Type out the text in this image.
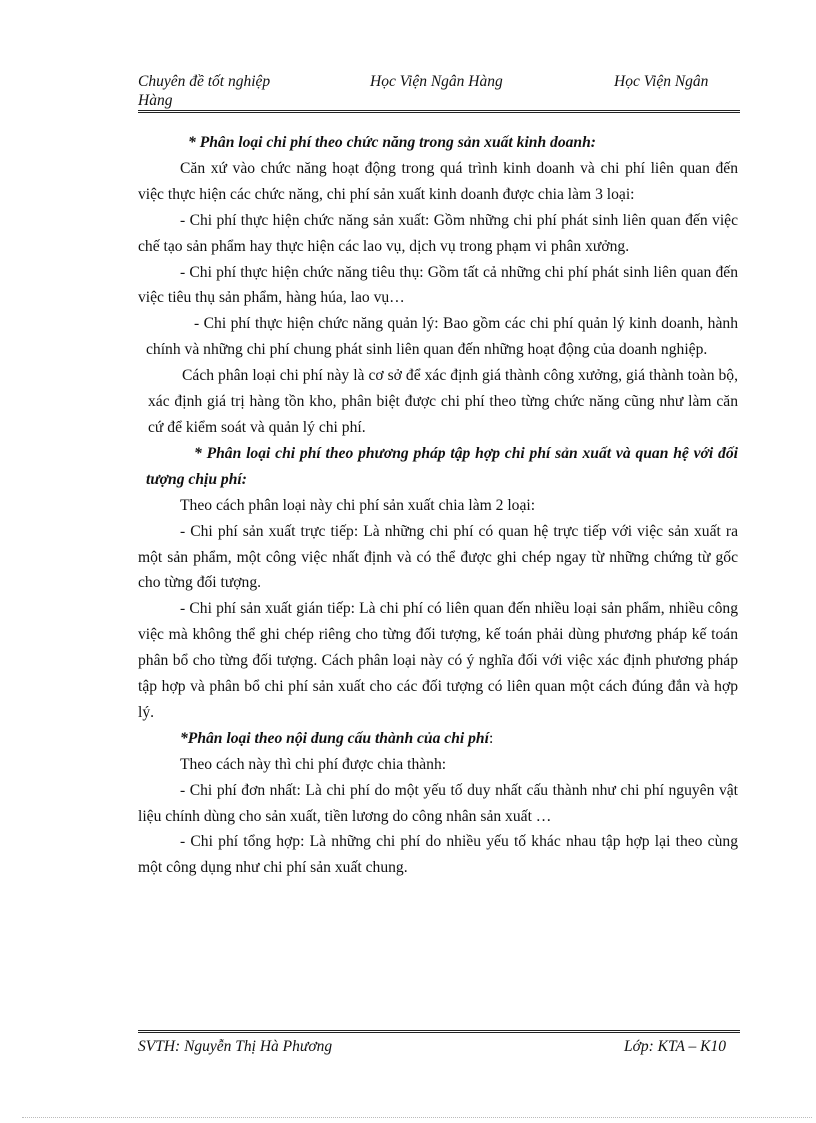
Chuyên đề tốt nghiệp	Học Viện Ngân Hàng	Học Viện Ngân
Hàng

* Phân loại chi phí theo chức năng trong sản xuất kinh doanh:

Căn xứ vào chức năng hoạt động trong quá trình kinh doanh và chi phí liên quan đến việc thực hiện các chức năng, chi phí sản xuất kinh doanh được chia làm 3 loại:

- Chi phí thực hiện chức năng sản xuất: Gồm những chi phí phát sinh liên quan đến việc chế tạo sản phẩm hay thực hiện các lao vụ, dịch vụ trong phạm vi phân xưởng.

- Chi phí thực hiện chức năng tiêu thụ: Gồm tất cả những chi phí phát sinh liên quan đến việc tiêu thụ sản phẩm, hàng húa, lao vụ…

- Chi phí thực hiện chức năng quản lý: Bao gồm các chi phí quản lý kinh doanh, hành chính và những chi phí chung phát sinh liên quan đến những hoạt động của doanh nghiệp.

Cách phân loại chi phí này là cơ sở để xác định giá thành công xưởng, giá thành toàn bộ, xác định giá trị hàng tồn kho, phân biệt được chi phí theo từng chức năng cũng như làm căn cứ để kiểm soát và quản lý chi phí.

* Phân loại chi phí theo phương pháp tập hợp chi phí sản xuất và quan hệ với đối tượng chịu phí:

Theo cách phân loại này chi phí sản xuất chia làm 2 loại:

- Chi phí sản xuất trực tiếp: Là những chi phí có quan hệ trực tiếp với việc sản xuất ra một sản phẩm, một công việc nhất định và có thể được ghi chép ngay từ những chứng từ gốc cho từng đối tượng.

- Chi phí sản xuất gián tiếp: Là chi phí có liên quan đến nhiều loại sản phẩm, nhiều công việc mà không thể ghi chép riêng cho từng đối tượng, kế toán phải dùng phương pháp kế toán phân bổ cho từng đối tượng. Cách phân loại này có ý nghĩa đối với việc xác định phương pháp tập hợp và phân bổ chi phí sản xuất cho các đối tượng có liên quan một cách đúng đắn và hợp lý.

*Phân loại theo nội dung cấu thành của chi phí:

Theo cách này thì chi phí được chia thành:

- Chi phí đơn nhất: Là chi phí do một yếu tố duy nhất cấu thành như chi phí nguyên vật liệu chính dùng cho sản xuất, tiền lương do công nhân sản xuất …

- Chi phí tổng hợp: Là những chi phí do nhiều yếu tố khác nhau tập hợp lại theo cùng một công dụng như chi phí sản xuất chung.

SVTH: Nguyễn Thị Hà Phương	Lớp: KTA – K10
